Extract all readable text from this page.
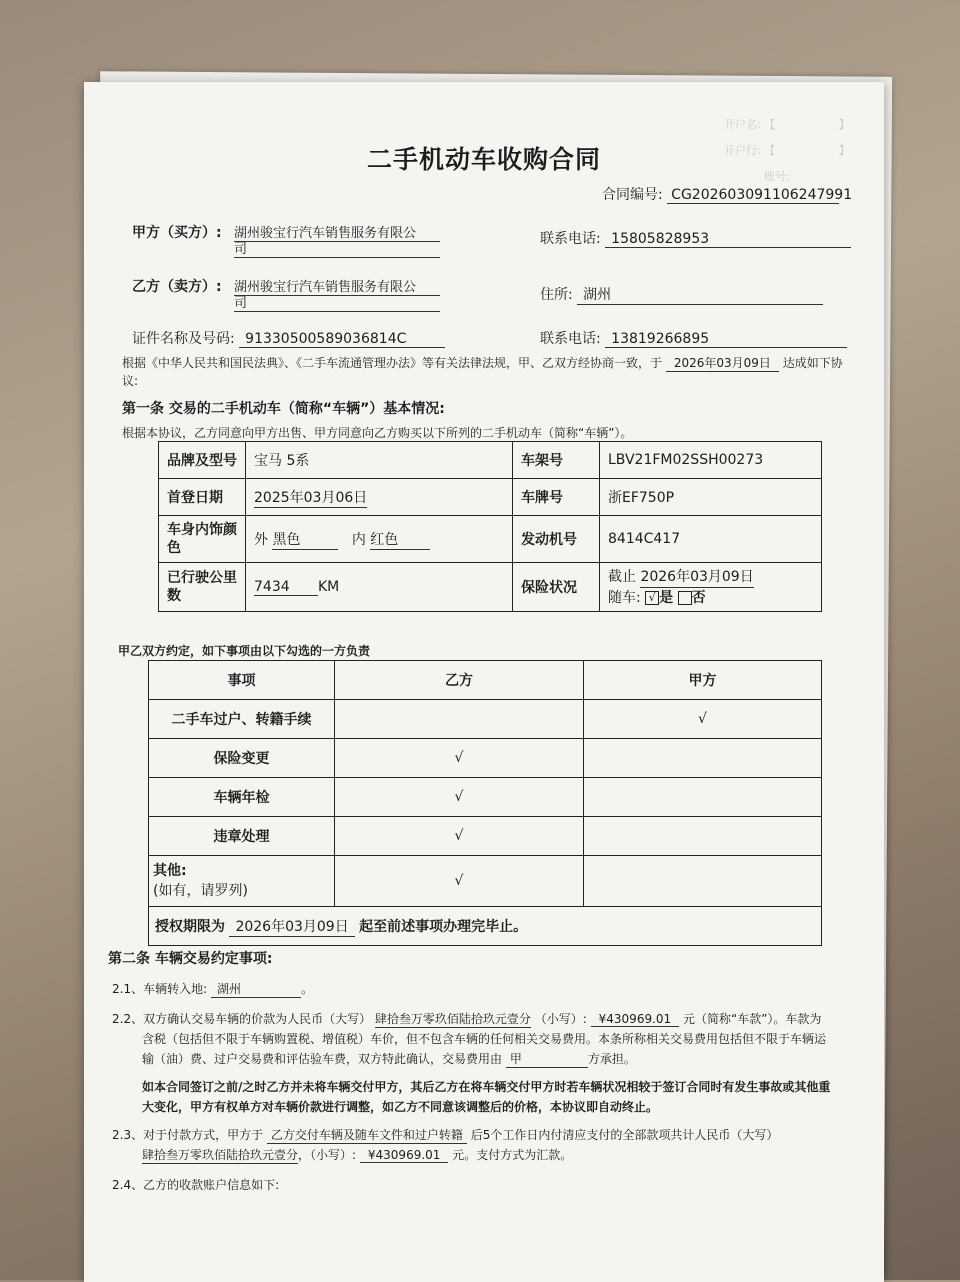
开户名: 【	】
开户行: 【	】
账号:
二手机动车收购合同
合同编号: CG202603091106247991
甲方（买方）: 湖州骏宝行汽车销售服务有限公
司
联系电话: 15805828953
乙方（卖方）: 湖州骏宝行汽车销售服务有限公
司
住所: 湖州
证件名称及号码: 91330500589036814C	联系电话: 13819266895
根据《中华人民共和国民法典》、《二手车流通管理办法》等有关法律法规，甲、乙双方经协商一致，于 2026年03月09日 达成如下协
议:
第一条 交易的二手机动车（简称“车辆”）基本情况:
根据本协议，乙方同意向甲方出售、甲方同意向乙方购买以下所列的二手机动车（简称“车辆”）。
品牌及型号	宝马 5系	车架号	LBV21FM02SSH00273
首登日期	2025年03月06日	车牌号	浙EF750P
车身内饰颜
色	外 黑色 内 红色	发动机号	8414C417
已行驶公里
数	7434 KM	保险状况	截止 2026年03月09日
随车: √ 是 否
甲乙双方约定，如下事项由以下勾选的一方负责
事项	乙方	甲方
二手车过户、转籍手续		√
保险变更	√	
车辆年检	√	
违章处理	√	
其他:
(如有，请罗列)	√	
授权期限为 2026年03月09日 起至前述事项办理完毕止。		
第二条 车辆交易约定事项:
2.1、车辆转入地: 湖州	。
2.2、双方确认交易车辆的价款为人民币（大写） 肆拾叁万零玖佰陆拾玖元壹分 （小写）: ¥430969.01 元（简称“车款”）。车款为
含税（包括但不限于车辆购置税、增值税）车价，但不包含车辆的任何相关交易费用。本条所称相关交易费用包括但不限于车辆运
输（油）费、过户交易费和评估验车费，双方特此确认，交易费用由 甲	方承担。
如本合同签订之前/之时乙方并未将车辆交付甲方，其后乙方在将车辆交付甲方时若车辆状况相较于签订合同时有发生事故或其他重
大变化，甲方有权单方对车辆价款进行调整，如乙方不同意该调整后的价格，本协议即自动终止。
2.3、对于付款方式，甲方于 乙方交付车辆及随车文件和过户转籍 后5个工作日内付清应支付的全部款项共计人民币（大写）
肆拾叁万零玖佰陆拾玖元壹分，（小写）: ¥430969.01 元。支付方式为汇款。
2.4、乙方的收款账户信息如下:
